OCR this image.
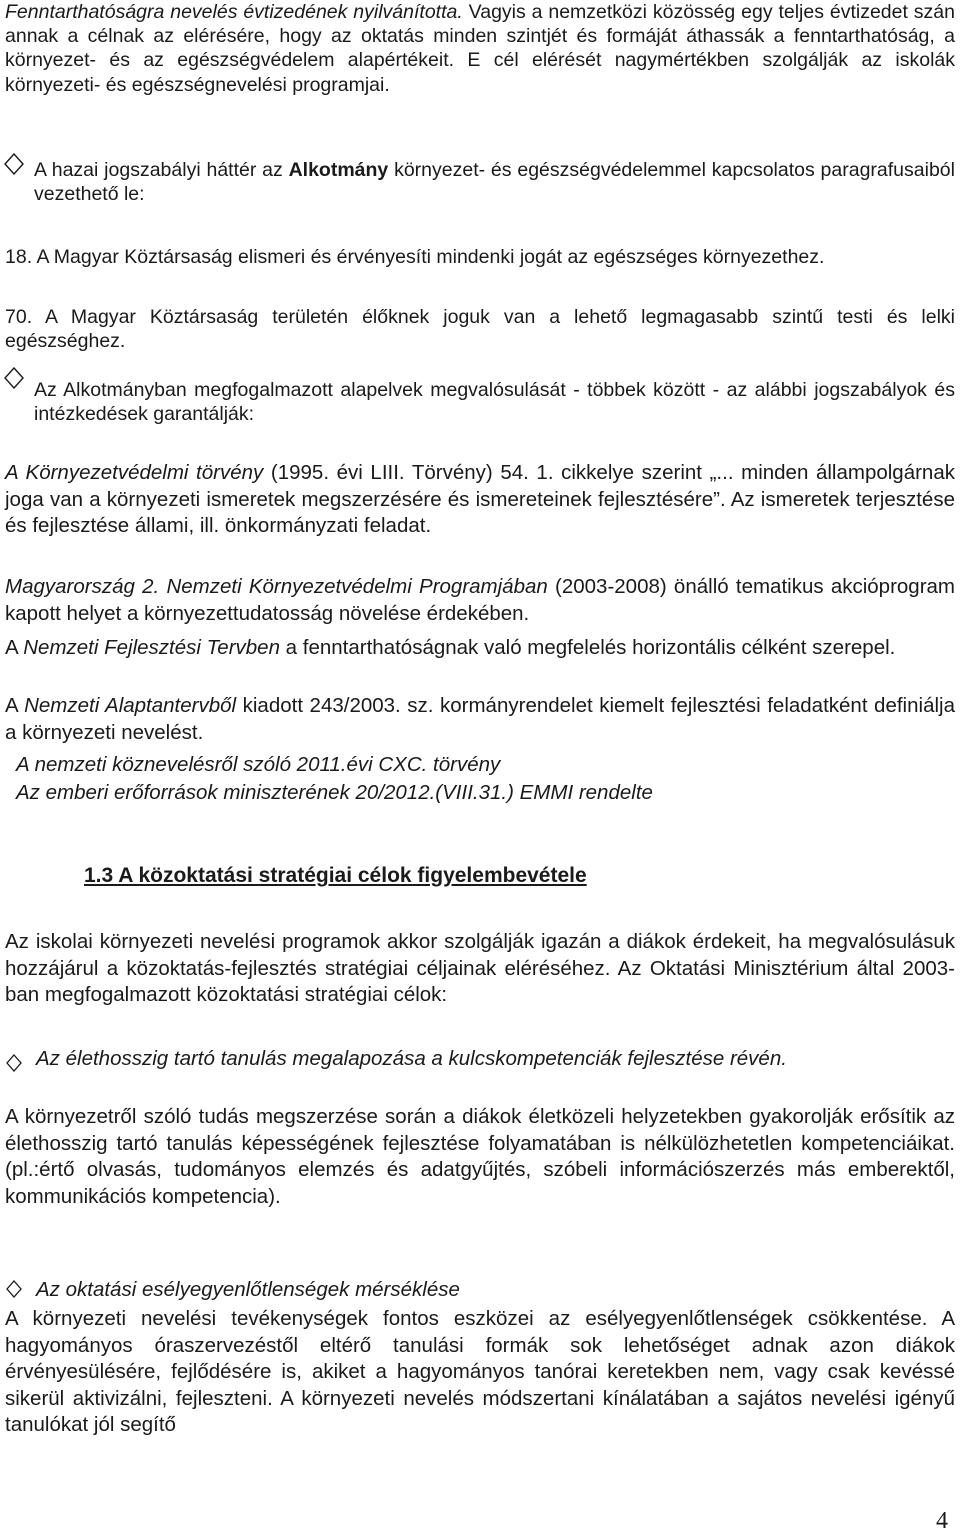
Fenntarthatóságra nevelés évtizedének nyilvánította. Vagyis a nemzetközi közösség egy teljes évtizedet szán annak a célnak az elérésére, hogy az oktatás minden szintjét és formáját áthassák a fenntarthatóság, a környezet- és az egészségvédelem alapértékeit. E cél elérését nagymértékben szolgálják az iskolák környezeti- és egészségnevelési programjai.

A hazai jogszabályi háttér az Alkotmány környezet- és egészségvédelemmel kapcsolatos paragrafusaiból vezethető le:

18. A Magyar Köztársaság elismeri és érvényesíti mindenki jogát az egészséges környezethez.

70. A Magyar Köztársaság területén élőknek joguk van a lehető legmagasabb szintű testi és lelki egészséghez.

Az Alkotmányban megfogalmazott alapelvek megvalósulását - többek között - az alábbi jogszabályok és intézkedések garantálják:

A Környezetvédelmi törvény (1995. évi LIII. Törvény) 54. 1. cikkelye szerint „... minden állampolgárnak joga van a környezeti ismeretek megszerzésére és ismereteinek fejlesztésére”. Az ismeretek terjesztése és fejlesztése állami, ill. önkormányzati feladat.

Magyarország 2. Nemzeti Környezetvédelmi Programjában (2003-2008) önálló tematikus akcióprogram kapott helyet a környezettudatosság növelése érdekében.

A Nemzeti Fejlesztési Tervben a fenntarthatóságnak való megfelelés horizontális célként szerepel.

A Nemzeti Alaptantervből kiadott 243/2003. sz. kormányrendelet kiemelt fejlesztési feladatként definiálja a környezeti nevelést.

A nemzeti köznevelésről szóló 2011.évi CXC. törvény

Az emberi erőforrások miniszterének 20/2012.(VIII.31.) EMMI rendelte

1.3 A közoktatási stratégiai célok figyelembevétele

Az iskolai környezeti nevelési programok akkor szolgálják igazán a diákok érdekeit, ha megvalósulásuk hozzájárul a közoktatás-fejlesztés stratégiai céljainak eléréséhez. Az Oktatási Minisztérium által 2003-ban megfogalmazott közoktatási stratégiai célok:

Az élethosszig tartó tanulás megalapozása a kulcskompetenciák fejlesztése révén.

A környezetről szóló tudás megszerzése során a diákok életközeli helyzetekben gyakorolják erősítik az élethosszig tartó tanulás képességének fejlesztése folyamatában is nélkülözhetetlen kompetenciáikat. (pl.:értő olvasás, tudományos elemzés és adatgyűjtés, szóbeli információszerzés más emberektől, kommunikációs kompetencia).

Az oktatási esélyegyenlőtlenségek mérséklése

A környezeti nevelési tevékenységek fontos eszközei az esélyegyenlőtlenségek csökkentése. A hagyományos óraszervezéstől eltérő tanulási formák sok lehetőséget adnak azon diákok érvényesülésére, fejlődésére is, akiket a hagyományos tanórai keretekben nem, vagy csak kevéssé sikerül aktivizálni, fejleszteni. A környezeti nevelés módszertani kínálatában a sajátos nevelési igényű tanulókat jól segítő

4
